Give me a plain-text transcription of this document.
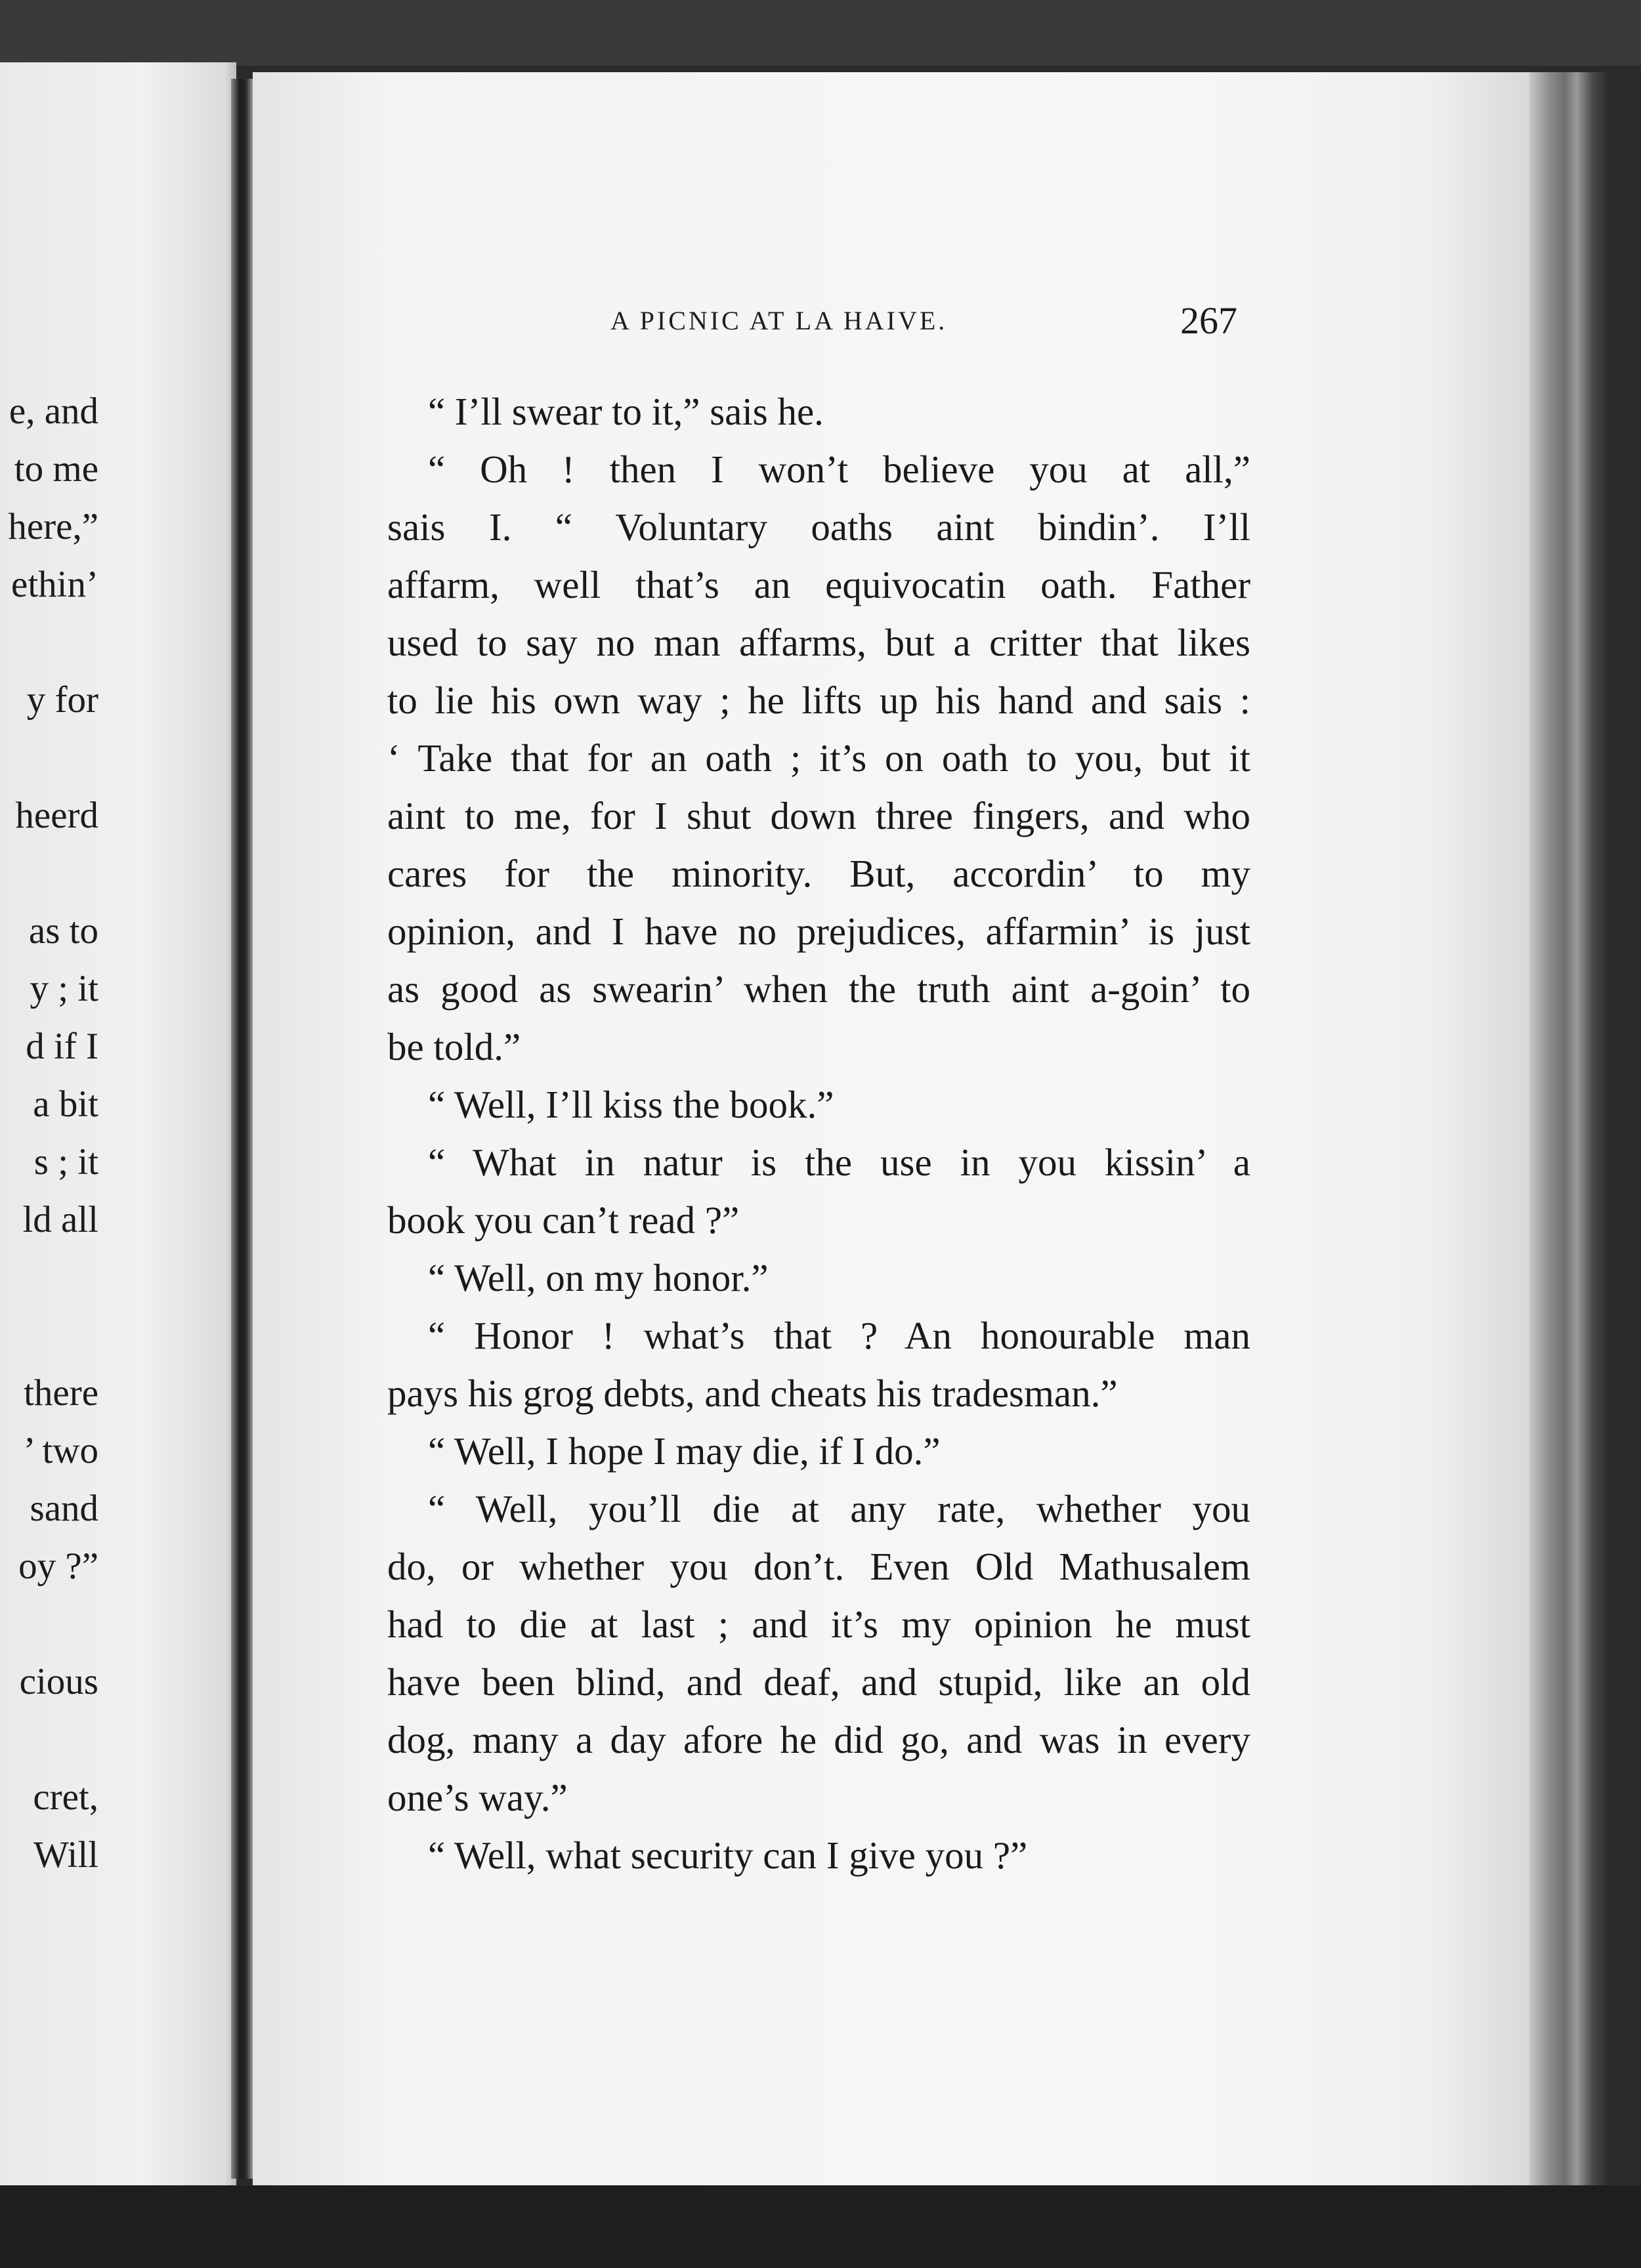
e, and
to me
here,”
ethin’
y for
heerd
as to
y ; it
d if I
a bit
s ; it
ld all
there
’ two
sand
oy ?”
cious
cret,
Will
A PICNIC AT LA HAIVE.	267
“ I’ll swear to it,” sais he.
“ Oh ! then I won’t believe you at all,”
sais I. “ Voluntary oaths aint bindin’. I’ll
affarm, well that’s an equivocatin oath. Father
used to say no man affarms, but a critter that likes
to lie his own way ; he lifts up his hand and sais :
‘ Take that for an oath ; it’s on oath to you, but it
aint to me, for I shut down three fingers, and who
cares for the minority. But, accordin’ to my
opinion, and I have no prejudices, affarmin’ is just
as good as swearin’ when the truth aint a-goin’ to
be told.”
“ Well, I’ll kiss the book.”
“ What in natur is the use in you kissin’ a
book you can’t read ?”
“ Well, on my honor.”
“ Honor ! what’s that ? An honourable man
pays his grog debts, and cheats his tradesman.”
“ Well, I hope I may die, if I do.”
“ Well, you’ll die at any rate, whether you
do, or whether you don’t. Even Old Mathusalem
had to die at last ; and it’s my opinion he must
have been blind, and deaf, and stupid, like an old
dog, many a day afore he did go, and was in every
one’s way.”
“ Well, what security can I give you ?”
